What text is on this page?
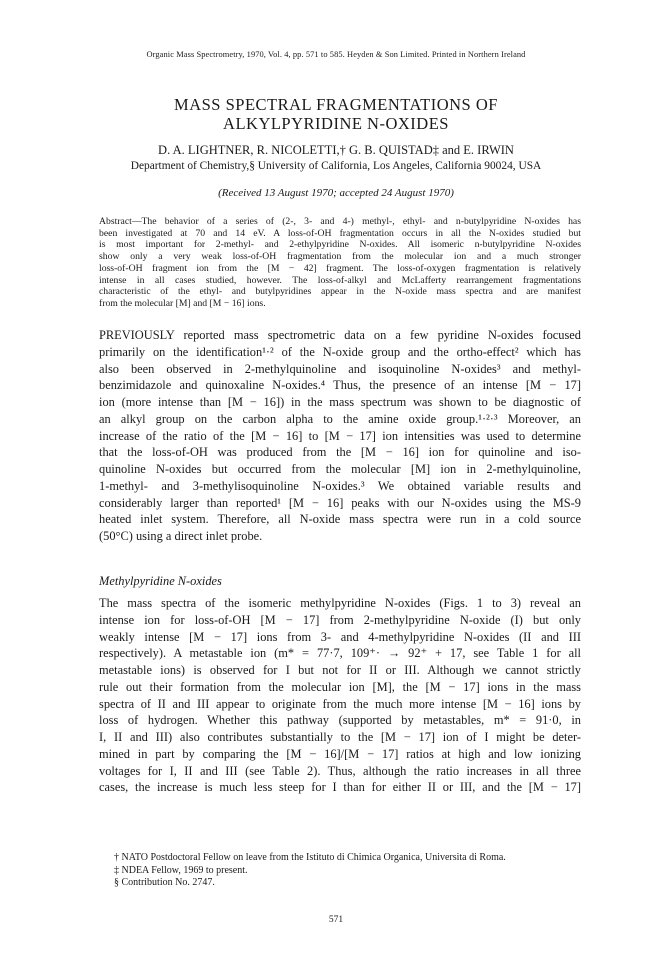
Organic Mass Spectrometry, 1970, Vol. 4, pp. 571 to 585. Heyden & Son Limited. Printed in Northern Ireland
MASS SPECTRAL FRAGMENTATIONS OF
ALKYLPYRIDINE N-OXIDES
D. A. LIGHTNER, R. NICOLETTI,† G. B. QUISTAD‡ and E. IRWIN
Department of Chemistry,§ University of California, Los Angeles, California 90024, USA
(Received 13 August 1970; accepted 24 August 1970)
Abstract—The behavior of a series of (2-, 3- and 4-) methyl-, ethyl- and n-butylpyridine N-oxides has
been investigated at 70 and 14 eV. A loss-of-OH fragmentation occurs in all the N-oxides studied but
is most important for 2-methyl- and 2-ethylpyridine N-oxides. All isomeric n-butylpyridine N-oxides
show only a very weak loss-of-OH fragmentation from the molecular ion and a much stronger
loss-of-OH fragment ion from the [M − 42] fragment. The loss-of-oxygen fragmentation is relatively
intense in all cases studied, however. The loss-of-alkyl and McLafferty rearrangement fragmentations
characteristic of the ethyl- and butylpyridines appear in the N-oxide mass spectra and are manifest
from the molecular [M] and [M − 16] ions.
PREVIOUSLY reported mass spectrometric data on a few pyridine N-oxides focused
primarily on the identification¹·² of the N-oxide group and the ortho-effect² which has
also been observed in 2-methylquinoline and isoquinoline N-oxides³ and methyl-
benzimidazole and quinoxaline N-oxides.⁴ Thus, the presence of an intense [M − 17]
ion (more intense than [M − 16]) in the mass spectrum was shown to be diagnostic of
an alkyl group on the carbon alpha to the amine oxide group.¹·²·³ Moreover, an
increase of the ratio of the [M − 16] to [M − 17] ion intensities was used to determine
that the loss-of-OH was produced from the [M − 16] ion for quinoline and iso-
quinoline N-oxides but occurred from the molecular [M] ion in 2-methylquinoline,
1-methyl- and 3-methylisoquinoline N-oxides.³ We obtained variable results and
considerably larger than reported¹ [M − 16] peaks with our N-oxides using the MS-9
heated inlet system. Therefore, all N-oxide mass spectra were run in a cold source
(50°C) using a direct inlet probe.
Methylpyridine N-oxides
The mass spectra of the isomeric methylpyridine N-oxides (Figs. 1 to 3) reveal an
intense ion for loss-of-OH [M − 17] from 2-methylpyridine N-oxide (I) but only
weakly intense [M − 17] ions from 3- and 4-methylpyridine N-oxides (II and III
respectively). A metastable ion (m* = 77·7, 109⁺· → 92⁺ + 17, see Table 1 for all
metastable ions) is observed for I but not for II or III. Although we cannot strictly
rule out their formation from the molecular ion [M], the [M − 17] ions in the mass
spectra of II and III appear to originate from the much more intense [M − 16] ions by
loss of hydrogen. Whether this pathway (supported by metastables, m* = 91·0, in
I, II and III) also contributes substantially to the [M − 17] ion of I might be deter-
mined in part by comparing the [M − 16]/[M − 17] ratios at high and low ionizing
voltages for I, II and III (see Table 2). Thus, although the ratio increases in all three
cases, the increase is much less steep for I than for either II or III, and the [M − 17]
† NATO Postdoctoral Fellow on leave from the Istituto di Chimica Organica, Universita di Roma.
‡ NDEA Fellow, 1969 to present.
§ Contribution No. 2747.
571
